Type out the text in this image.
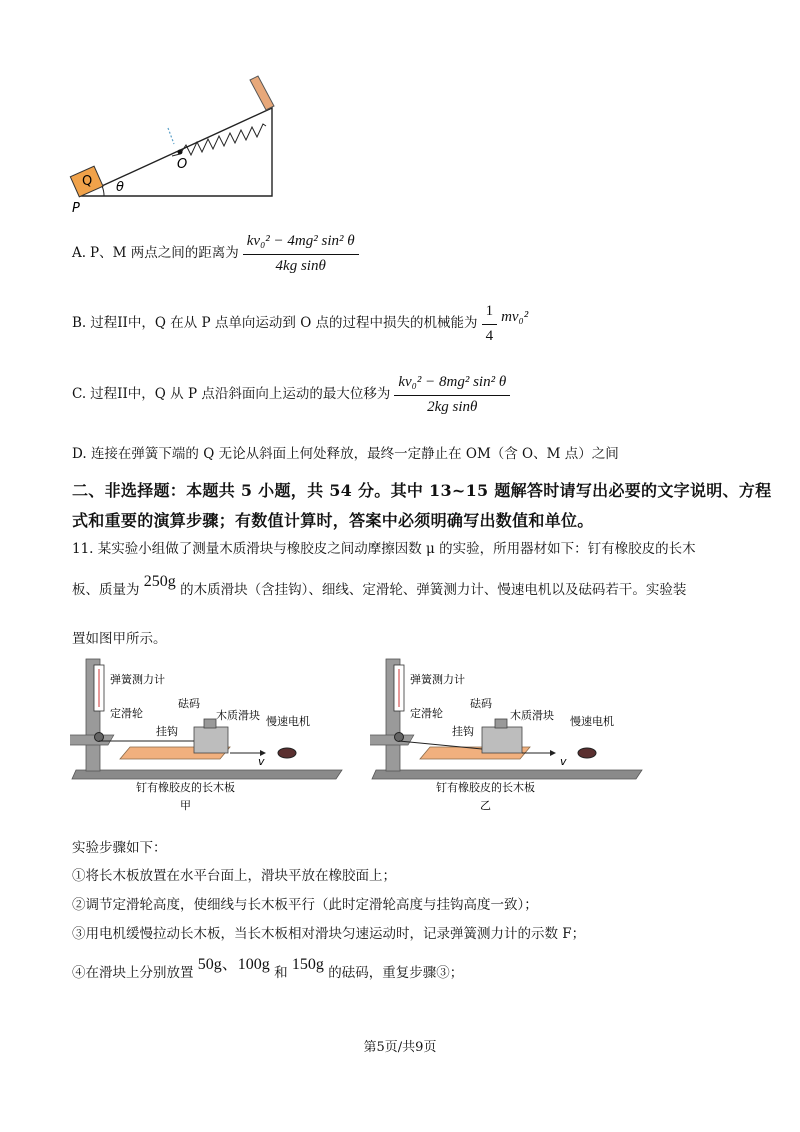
Q θ
O
P
A. P、M 两点之间的距离为 $\frac{\text{kv₀² − 4mg² sin² θ}}{\text{4kg sinθ}}$
B. 过程II中，Q 在从 P 点单向运动到 O 点的过程中损失的机械能为 $\frac{1}{4} mv_0^2$
C. 过程II中，Q 从 P 点沿斜面向上运动的最大位移为 $\frac{\text{kv₀² − 8mg² sin² θ}}{\text{2kg sinθ}}$
D. 连接在弹簧下端的 Q 无论从斜面上何处释放，最终一定静止在 OM（含 O、M 点）之间
二、非选择题：本题共 5 小题，共 54 分。其中 13~15 题解答时请写出必要的文字说明、方程
式和重要的演算步骤；有数值计算时，答案中必须明确写出数值和单位。
11. 某实验小组做了测量木质滑块与橡胶皮之间动摩擦因数 μ 的实验，所用器材如下：钉有橡胶皮的长木
板、质量为 250g 的木质滑块（含挂钩）、细线、定滑轮、弹簧测力计、慢速电机以及砝码若干。实验装
置如图甲所示。
弹簧测力计
定滑轮
砝码
木质滑块
挂钩
慢速电机
v
钉有橡胶皮的长木板
甲
弹簧测力计
定滑轮
砝码
木质滑块
挂钩
慢速电机
v
钉有橡胶皮的长木板
乙
实验步骤如下：
①将长木板放置在水平台面上，滑块平放在橡胶面上；
②调节定滑轮高度，使细线与长木板平行（此时定滑轮高度与挂钩高度一致）；
③用电机缓慢拉动长木板，当长木板相对滑块匀速运动时，记录弹簧测力计的示数 F；
④在滑块上分别放置 50g、100g 和 150g 的砝码，重复步骤③；
第5页/共9页
